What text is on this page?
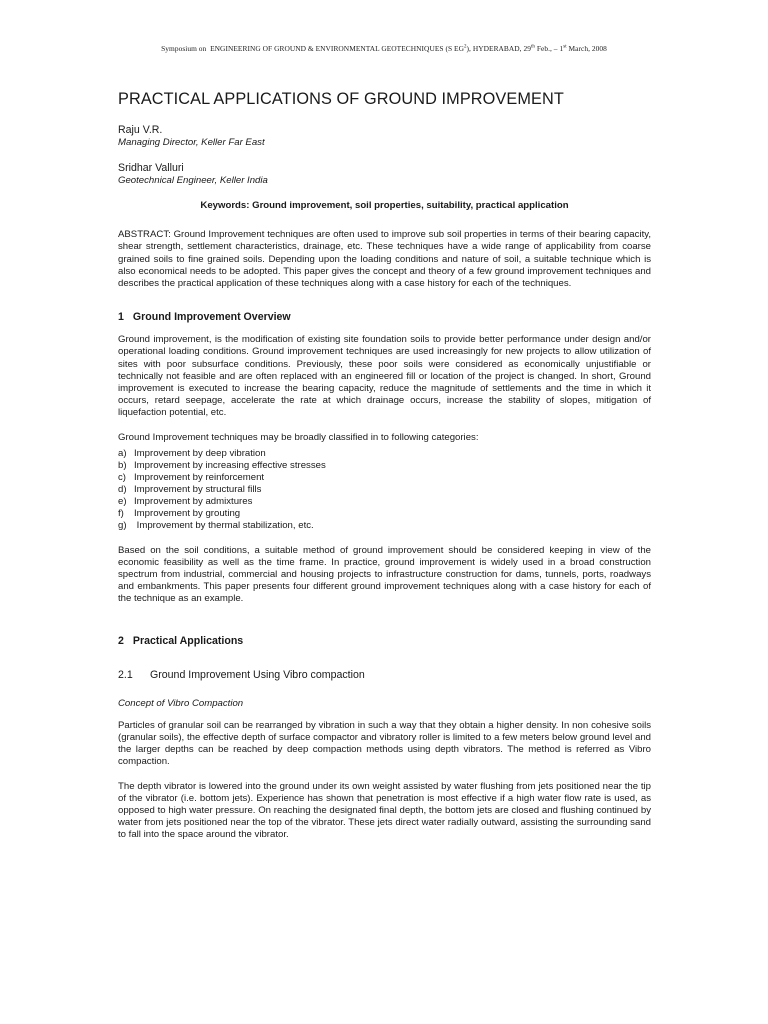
Symposium on ENGINEERING OF GROUND & ENVIRONMENTAL GEOTECHNIQUES (S $EG^2$), HYDERABAD, 29th Feb., – 1st March, 2008
PRACTICAL APPLICATIONS OF GROUND IMPROVEMENT

Raju V.R.

Managing Director, Keller Far East

Sridhar Valluri

Geotechnical Engineer, Keller India

Keywords: Ground improvement, soil properties, suitability, practical application

ABSTRACT: Ground Improvement techniques are often used to improve sub soil properties in terms of their bearing capacity, shear strength, settlement characteristics, drainage, etc. These techniques have a wide range of applicability from coarse grained soils to fine grained soils. Depending upon the loading conditions and nature of soil, a suitable technique which is also economical needs to be adopted. This paper gives the concept and theory of a few ground improvement techniques and describes the practical application of these techniques along with a case history for each of the techniques.

1 Ground Improvement Overview

Ground improvement, is the modification of existing site foundation soils to provide better performance under design and/or operational loading conditions. Ground improvement techniques are used increasingly for new projects to allow utilization of sites with poor subsurface conditions. Previously, these poor soils were considered as economically unjustifiable or technically not feasible and are often replaced with an engineered fill or location of the project is changed. In short, Ground improvement is executed to increase the bearing capacity, reduce the magnitude of settlements and the time in which it occurs, retard seepage, accelerate the rate at which drainage occurs, increase the stability of slopes, mitigation of liquefaction potential, etc.

Ground Improvement techniques may be broadly classified in to following categories:

a) Improvement by deep vibration
b) Improvement by increasing effective stresses
c) Improvement by reinforcement
d) Improvement by structural fills
e) Improvement by admixtures
f) Improvement by grouting
g) Improvement by thermal stabilization, etc.

Based on the soil conditions, a suitable method of ground improvement should be considered keeping in view of the economic feasibility as well as the time frame. In practice, ground improvement is widely used in a broad construction spectrum from industrial, commercial and housing projects to infrastructure construction for dams, tunnels, ports, roadways and embankments. This paper presents four different ground improvement techniques along with a case history for each of the technique as an example.

2 Practical Applications
2.1 Ground Improvement Using Vibro compaction
Concept of Vibro Compaction

Particles of granular soil can be rearranged by vibration in such a way that they obtain a higher density. In non cohesive soils (granular soils), the effective depth of surface compactor and vibratory roller is limited to a few meters below ground level and the larger depths can be reached by deep compaction methods using depth vibrators. The method is referred as Vibro compaction.

The depth vibrator is lowered into the ground under its own weight assisted by water flushing from jets positioned near the tip of the vibrator (i.e. bottom jets). Experience has shown that penetration is most effective if a high water flow rate is used, as opposed to high water pressure. On reaching the designated final depth, the bottom jets are closed and flushing continued by water from jets positioned near the top of the vibrator. These jets direct water radially outward, assisting the surrounding sand to fall into the space around the vibrator.
